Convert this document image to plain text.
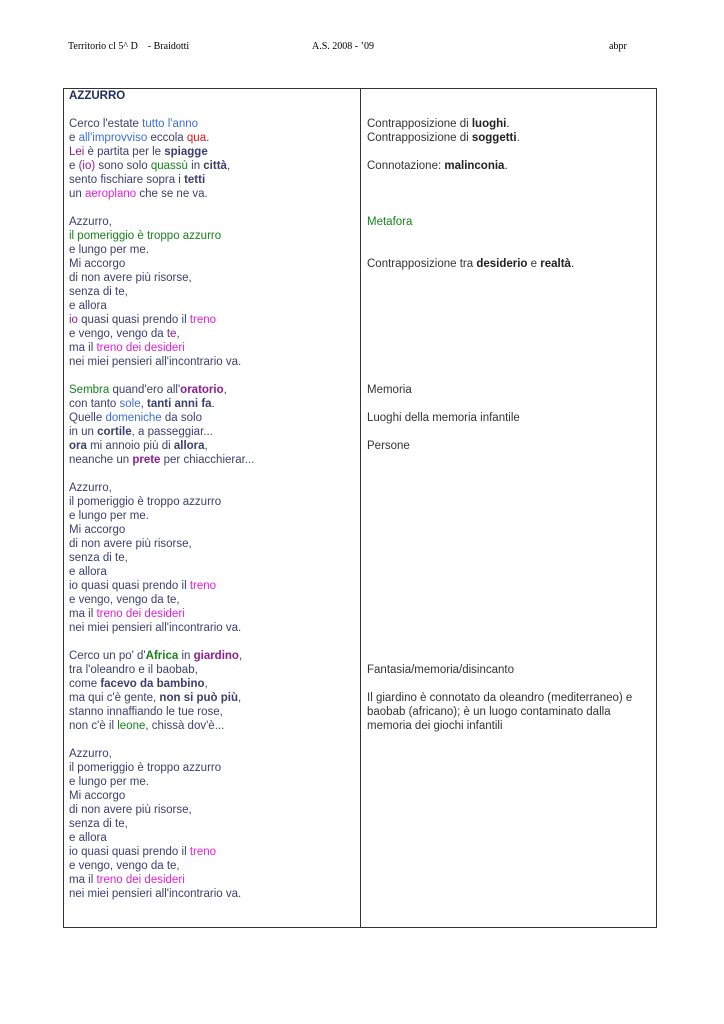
Territorio cl 5^ D    - Braidotti	A.S. 2008 - ’09	abpr
AZZURRO
Cerco l'estate tutto l'anno
e all'improvviso eccola qua.
Lei è partita per le spiagge
e (io) sono solo quassù in città,
sento fischiare sopra i tetti
un aeroplano che se ne va.
Azzurro,
il pomeriggio è troppo azzurro
e lungo per me.
Mi accorgo
di non avere più risorse,
senza di te,
e allora
io quasi quasi prendo il treno
e vengo, vengo da te,
ma il treno dei desideri
nei miei pensieri all'incontrario va.
Sembra quand'ero all'oratorio,
con tanto sole, tanti anni fa.
Quelle domeniche da solo
in un cortile, a passeggiar...
ora mi annoio più di allora,
neanche un prete per chiacchierar...
Azzurro,
il pomeriggio è troppo azzurro
e lungo per me.
Mi accorgo
di non avere più risorse,
senza di te,
e allora
io quasi quasi prendo il treno
e vengo, vengo da te,
ma il treno dei desideri
nei miei pensieri all'incontrario va.
Cerco un po' d'Africa in giardino,
tra l'oleandro e il baobab,
come facevo da bambino,
ma qui c'è gente, non si può più,
stanno innaffiando le tue rose,
non c'è il leone, chissà dov'è...
Azzurro,
il pomeriggio è troppo azzurro
e lungo per me.
Mi accorgo
di non avere più risorse,
senza di te,
e allora
io quasi quasi prendo il treno
e vengo, vengo da te,
ma il treno dei desideri
nei miei pensieri all'incontrario va.
Contrapposizione di luoghi.
Contrapposizione di soggetti.
Connotazione: malinconia.
Metafora
Contrapposizione tra desiderio e realtà.
Memoria
Luoghi della memoria infantile
Persone
Fantasia/memoria/disincanto
Il giardino è connotato da oleandro (mediterraneo) e baobab (africano); è un luogo contaminato dalla memoria dei giochi infantili
